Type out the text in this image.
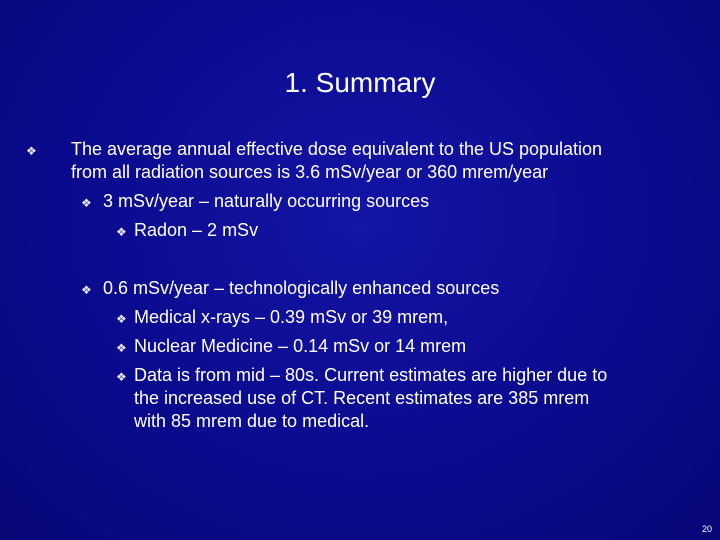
1. Summary
❖ The average annual effective dose equivalent to the US population
from all radiation sources is 3.6 mSv/year or 360 mrem/year
❖ 3 mSv/year – naturally occurring sources
❖ Radon – 2 mSv
❖ 0.6 mSv/year – technologically enhanced sources
❖ Medical x-rays – 0.39 mSv or 39 mrem,
❖ Nuclear Medicine – 0.14 mSv or 14 mrem
❖ Data is from mid – 80s. Current estimates are higher due to
the increased use of CT. Recent estimates are 385 mrem
with 85 mrem due to medical.
20
